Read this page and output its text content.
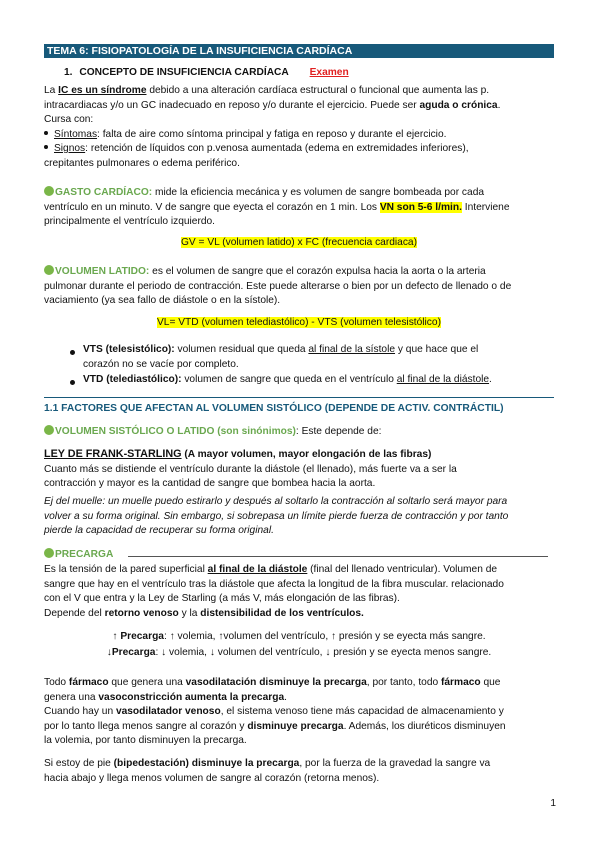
TEMA 6: FISIOPATOLOGÍA DE LA INSUFICIENCIA CARDÍACA
1. CONCEPTO DE INSUFICIENCIA CARDÍACA Examen
La IC es un síndrome debido a una alteración cardíaca estructural o funcional que aumenta las p.
intracardiacas y/o un GC inadecuado en reposo y/o durante el ejercicio. Puede ser aguda o crónica.
Cursa con:
Síntomas: falta de aire como síntoma principal y fatiga en reposo y durante el ejercicio.
Signos: retención de líquidos con p.venosa aumentada (edema en extremidades inferiores),
crepitantes pulmonares o edema periférico.
GASTO CARDÍACO: mide la eficiencia mecánica y es volumen de sangre bombeada por cada
ventrículo en un minuto. V de sangre que eyecta el corazón en 1 min. Los VN son 5-6 l/min. Interviene
principalmente el ventrículo izquierdo.
GV = VL (volumen latido) x FC (frecuencia cardiaca)
VOLUMEN LATIDO: es el volumen de sangre que el corazón expulsa hacia la aorta o la arteria
pulmonar durante el periodo de contracción. Este puede alterarse o bien por un defecto de llenado o de
vaciamiento (ya sea fallo de diástole o en la sístole).
VL= VTD (volumen telediastólico) - VTS (volumen telesistólico)
VTS (telesistólico): volumen residual que queda al final de la sístole y que hace que el
corazón no se vacíe por completo.
VTD (telediastólico): volumen de sangre que queda en el ventrículo al final de la diástole.
1.1 FACTORES QUE AFECTAN AL VOLUMEN SISTÓLICO (DEPENDE DE ACTIV. CONTRÁCTIL)
VOLUMEN SISTÓLICO O LATIDO (son sinónimos): Este depende de:
LEY DE FRANK-STARLING (A mayor volumen, mayor elongación de las fibras)
Cuanto más se distiende el ventrículo durante la diástole (el llenado), más fuerte va a ser la
contracción y mayor es la cantidad de sangre que bombea hacia la aorta.
Ej del muelle: un muelle puedo estirarlo y después al soltarlo la contracción al soltarlo será mayor para
volver a su forma original. Sin embargo, si sobrepasa un límite pierde fuerza de contracción y por tanto
pierde la capacidad de recuperar su forma original.
PRECARGA
Es la tensión de la pared superficial al final de la diástole (final del llenado ventricular). Volumen de
sangre que hay en el ventrículo tras la diástole que afecta la longitud de la fibra muscular. relacionado
con el V que entra y la Ley de Starling (a más V, más elongación de las fibras).
Depende del retorno venoso y la distensibilidad de los ventrículos.
↑ Precarga: ↑ volemia, ↑volumen del ventrículo, ↑ presión y se eyecta más sangre.
↓Precarga: ↓ volemia, ↓ volumen del ventrículo, ↓ presión y se eyecta menos sangre.
Todo fármaco que genera una vasodilatación disminuye la precarga, por tanto, todo fármaco que
genera una vasoconstricción aumenta la precarga.
Cuando hay un vasodilatador venoso, el sistema venoso tiene más capacidad de almacenamiento y
por lo tanto llega menos sangre al corazón y disminuye precarga. Además, los diuréticos disminuyen
la volemia, por tanto disminuyen la precarga.
Si estoy de pie (bipedestación) disminuye la precarga, por la fuerza de la gravedad la sangre va
hacia abajo y llega menos volumen de sangre al corazón (retorna menos).
1
